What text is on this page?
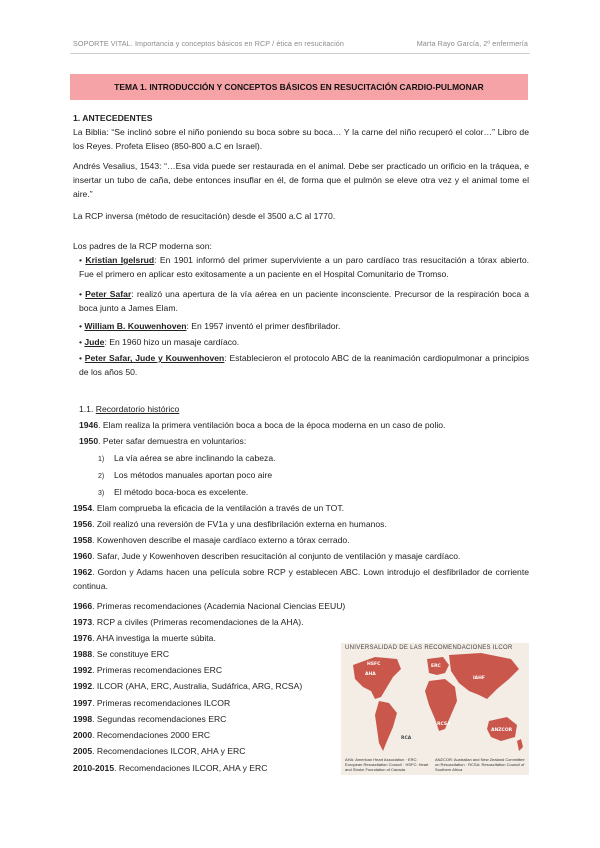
SOPORTE VITAL. Importancia y conceptos básicos en RCP / ética en resucitación	Marta Rayo García, 2º enfermería
TEMA 1. INTRODUCCIÓN Y CONCEPTOS BÁSICOS EN RESUCITACIÓN CARDIO-PULMONAR
1. ANTECEDENTES
La Biblia: “Se inclinó sobre el niño poniendo su boca sobre su boca… Y la carne del niño recuperó el color…” Libro de los Reyes. Profeta Eliseo (850-800 a.C en Israel).
Andrés Vesalius, 1543: “…Esa vida puede ser restaurada en el animal. Debe ser practicado un orificio en la tráquea, e insertar un tubo de caña, debe entonces insuflar en él, de forma que el pulmón se eleve otra vez y el animal tome el aire.”
La RCP inversa (método de resucitación) desde el 3500 a.C al 1770.
Los padres de la RCP moderna son:
• Kristian Igelsrud: En 1901 informó del primer superviviente a un paro cardíaco tras resucitación a tórax abierto. Fue el primero en aplicar esto exitosamente a un paciente en el Hospital Comunitario de Tromso.
• Peter Safar: realizó una apertura de la vía aérea en un paciente inconsciente. Precursor de la respiración boca a boca junto a James Elam.
• William B. Kouwenhoven: En 1957 inventó el primer desfibrilador.
• Jude: En 1960 hizo un masaje cardíaco.
• Peter Safar, Jude y Kouwenhoven: Establecieron el protocolo ABC de la reanimación cardiopulmonar a principios de los años 50.
1.1. Recordatorio histórico
1946. Elam realiza la primera ventilación boca a boca de la época moderna en un caso de polio.
1950. Peter safar demuestra en voluntarios:
1) La vía aérea se abre inclinando la cabeza.
2) Los métodos manuales aportan poco aire
3) El método boca-boca es excelente.
1954. Elam comprueba la eficacia de la ventilación a través de un TOT.
1956. Zoil realizó una reversión de FV1a y una desfibrilación externa en humanos.
1958. Kowenhoven describe el masaje cardíaco externo a tórax cerrado.
1960. Safar, Jude y Kowenhoven describen resucitación al conjunto de ventilación y masaje cardíaco.
1962. Gordon y Adams hacen una película sobre RCP y establecen ABC. Lown introdujo el desfibrilador de corriente continua.
1966. Primeras recomendaciones (Academia Nacional Ciencias EEUU)
1973. RCP a civiles (Primeras recomendaciones de la AHA).
1976. AHA investiga la muerte súbita.
1988. Se constituye ERC
1992. Primeras recomendaciones ERC
1992. ILCOR (AHA, ERC, Australia, Sudáfrica, ARG, RCSA)
1997. Primeras recomendaciones ILCOR
1998. Segundas recomendaciones ERC
2000. Recomendaciones 2000 ERC
2005. Recomendaciones ILCOR, AHA y ERC
2010-2015. Recomendaciones ILCOR, AHA y ERC
AHA
ERC
HSFC
RCA
ANZCOR
IAHF
RCSA
UNIVERSALIDAD DE LAS RECOMENDACIONES ILCOR
AHA: American Heart Association · ERC: European Resuscitation Council · HSFC: Heart and Stroke Foundation of Canada
ANZCOR: Australian and New Zealand Committee on Resuscitation · RCSA: Resuscitation Council of Southern Africa
